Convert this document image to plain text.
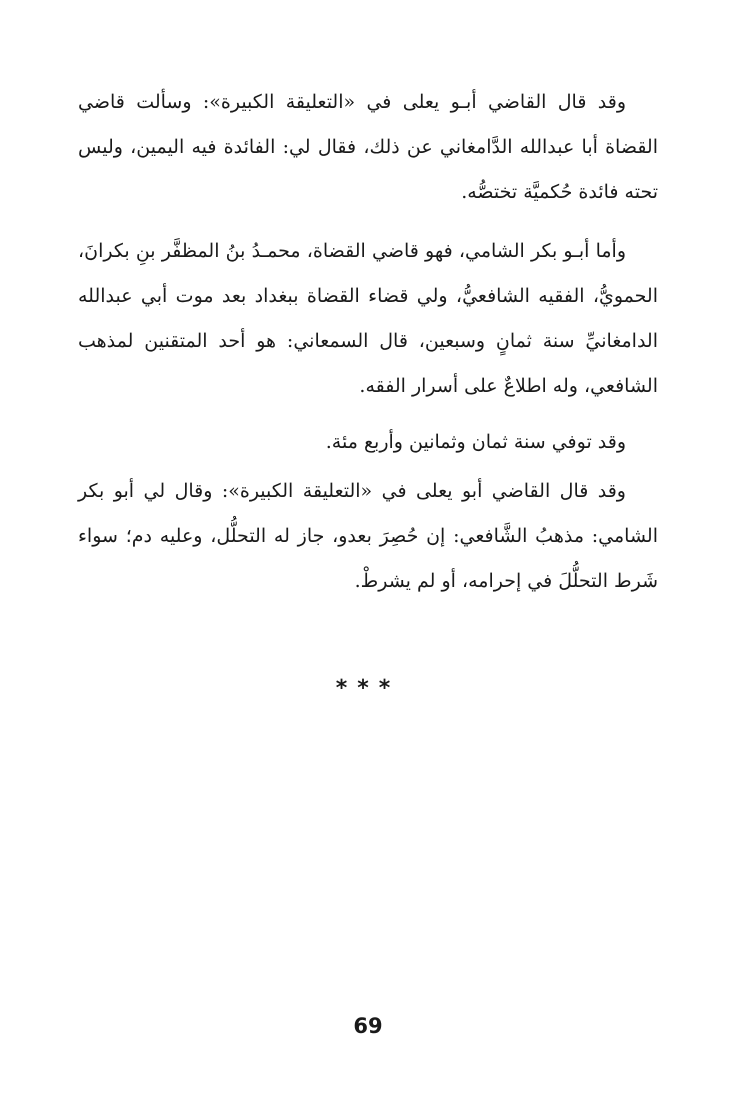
وقد قال القاضي أبـو يعلى في «التعليقة الكبيرة»: وسألت قاضي القضاة أبا عبدالله الدَّامغاني عن ذلك، فقال لي: الفائدة فيه اليمين، وليس تحته فائدة حُكميَّة تختصُّه.

وأما أبـو بكر الشامي، فهو قاضي القضاة، محمـدُ بنُ المظفَّر بنِ بكرانَ، الحمويُّ، الفقيه الشافعيُّ، ولي قضاء القضاة ببغداد بعد موت أبي عبدالله الدامغانيِّ سنة ثمانٍ وسبعين، قال السمعاني: هو أحد المتقنين لمذهب الشافعي، وله اطلاعٌ على أسرار الفقه.

وقد توفي سنة ثمان وثمانين وأربع مئة.

وقد قال القاضي أبو يعلى في «التعليقة الكبيرة»: وقال لي أبو بكر الشامي: مذهبُ الشَّافعي: إن حُصِرَ بعدو، جاز له التحلُّل، وعليه دم؛ سواء شَرط التحلُّلَ في إحرامه، أو لم يشرطْ.

***
69
